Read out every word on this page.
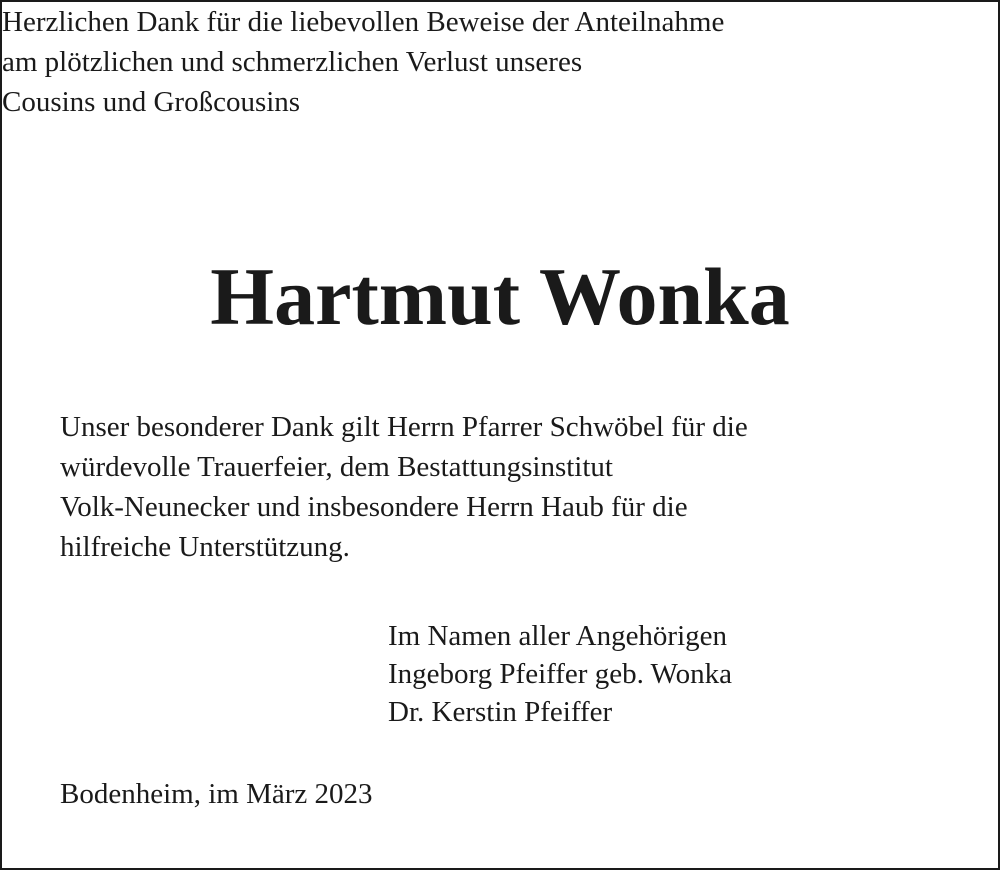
Herzlichen Dank für die liebevollen Beweise der Anteilnahme
am plötzlichen und schmerzlichen Verlust unseres
Cousins und Großcousins
Hartmut Wonka
Unser besonderer Dank gilt Herrn Pfarrer Schwöbel für die
würdevolle Trauerfeier, dem Bestattungsinstitut
Volk-Neunecker und insbesondere Herrn Haub für die
hilfreiche Unterstützung.
Im Namen aller Angehörigen
Ingeborg Pfeiffer geb. Wonka
Dr. Kerstin Pfeiffer
Bodenheim, im März 2023
